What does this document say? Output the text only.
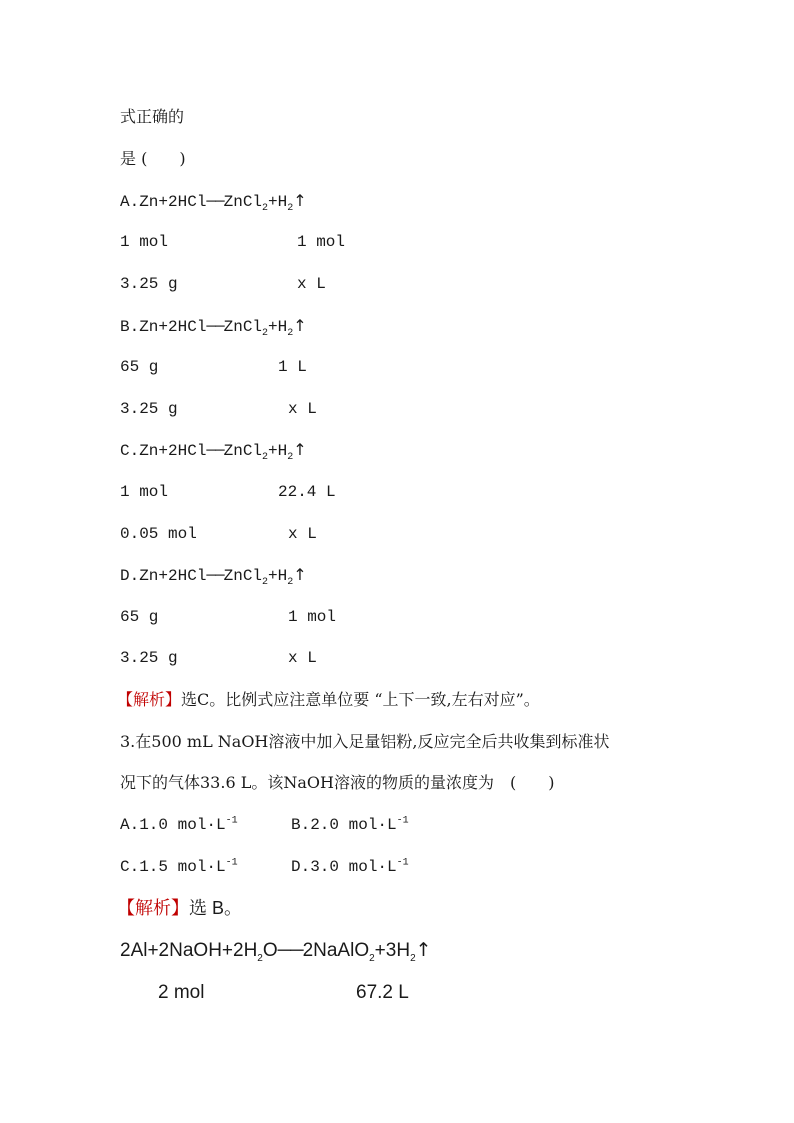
式正确的
是 (　　)
$A.Zn+2HCl──ZnCl_2+H_2↑$
1 mol	1 mol
3.25 g	x L
$B.Zn+2HCl──ZnCl_2+H_2↑$
65 g	1 L
3.25 g	x L
$C.Zn+2HCl──ZnCl_2+H_2↑$
1 mol	22.4 L
0.05 mol	x L
$D.Zn+2HCl──ZnCl_2+H_2↑$
65 g	1 mol
3.25 g	x L
【解析】选C。比例式应注意单位要 “上下一致,左右对应”。
3.在500 mL NaOH溶液中加入足量铝粉,反应完全后共收集到标准状
况下的气体33.6 L。该NaOH溶液的物质的量浓度为　(　　)
A.1.0 $mol\cdot L^{-1}$	B.2.0 $mol\cdot L^{-1}$
C.1.5 $mol\cdot L^{-1}$	D.3.0 $mol\cdot L^{-1}$
【解析】选 B。
$2Al+2NaOH+2H_2O──2NaAlO_2+3H_2↑$
2 mol	67.2 L
